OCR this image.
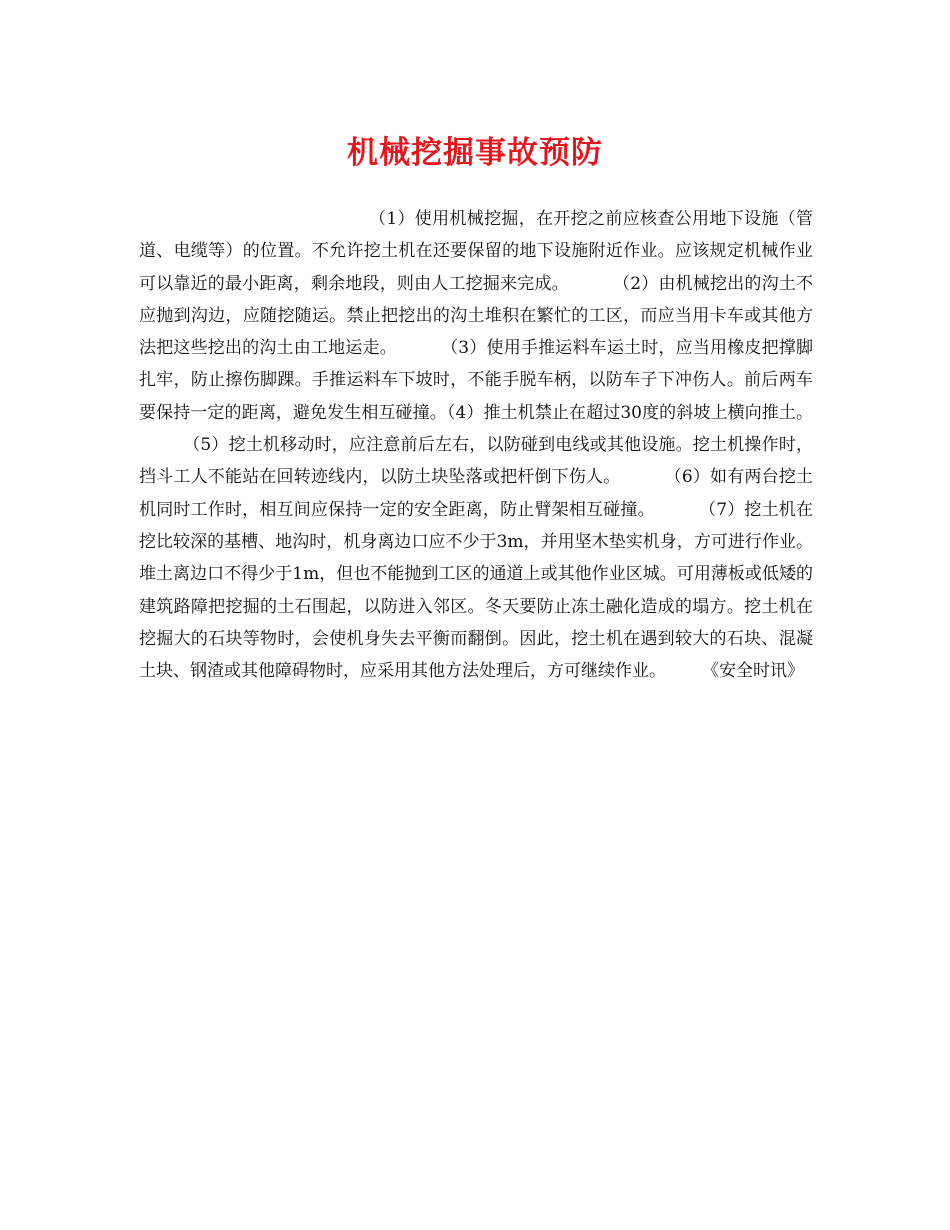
机械挖掘事故预防
（1）使用机械挖掘，在开挖之前应核查公用地下设施（管道、电缆等）的位置。不允许挖土机在还要保留的地下设施附近作业。应该规定机械作业可以靠近的最小距离，剩余地段，则由人工挖掘来完成。	（2）由机械挖出的沟土不应抛到沟边，应随挖随运。禁止把挖出的沟土堆积在繁忙的工区，而应当用卡车或其他方法把这些挖出的沟土由工地运走。	（3）使用手推运料车运土时，应当用橡皮把撑脚扎牢，防止擦伤脚踝。手推运料车下坡时，不能手脱车柄，以防车子下冲伤人。前后两车要保持一定的距离，避免发生相互碰撞。（4）推土机禁止在超过30度的斜坡上横向推土。（5）挖土机移动时，应注意前后左右，以防碰到电线或其他设施。挖土机操作时，挡斗工人不能站在回转迹线内，以防土块坠落或把杆倒下伤人。	（6）如有两台挖土机同时工作时，相互间应保持一定的安全距离，防止臂架相互碰撞。	（7）挖土机在挖比较深的基槽、地沟时，机身离边口应不少于3m，并用坚木垫实机身，方可进行作业。堆土离边口不得少于1m，但也不能抛到工区的通道上或其他作业区城。可用薄板或低矮的建筑路障把挖掘的土石围起，以防进入邻区。冬天要防止冻土融化造成的塌方。挖土机在挖掘大的石块等物时，会使机身失去平衡而翻倒。因此，挖土机在遇到较大的石块、混凝土块、钢渣或其他障碍物时，应采用其他方法处理后，方可继续作业。 《安全时讯》
